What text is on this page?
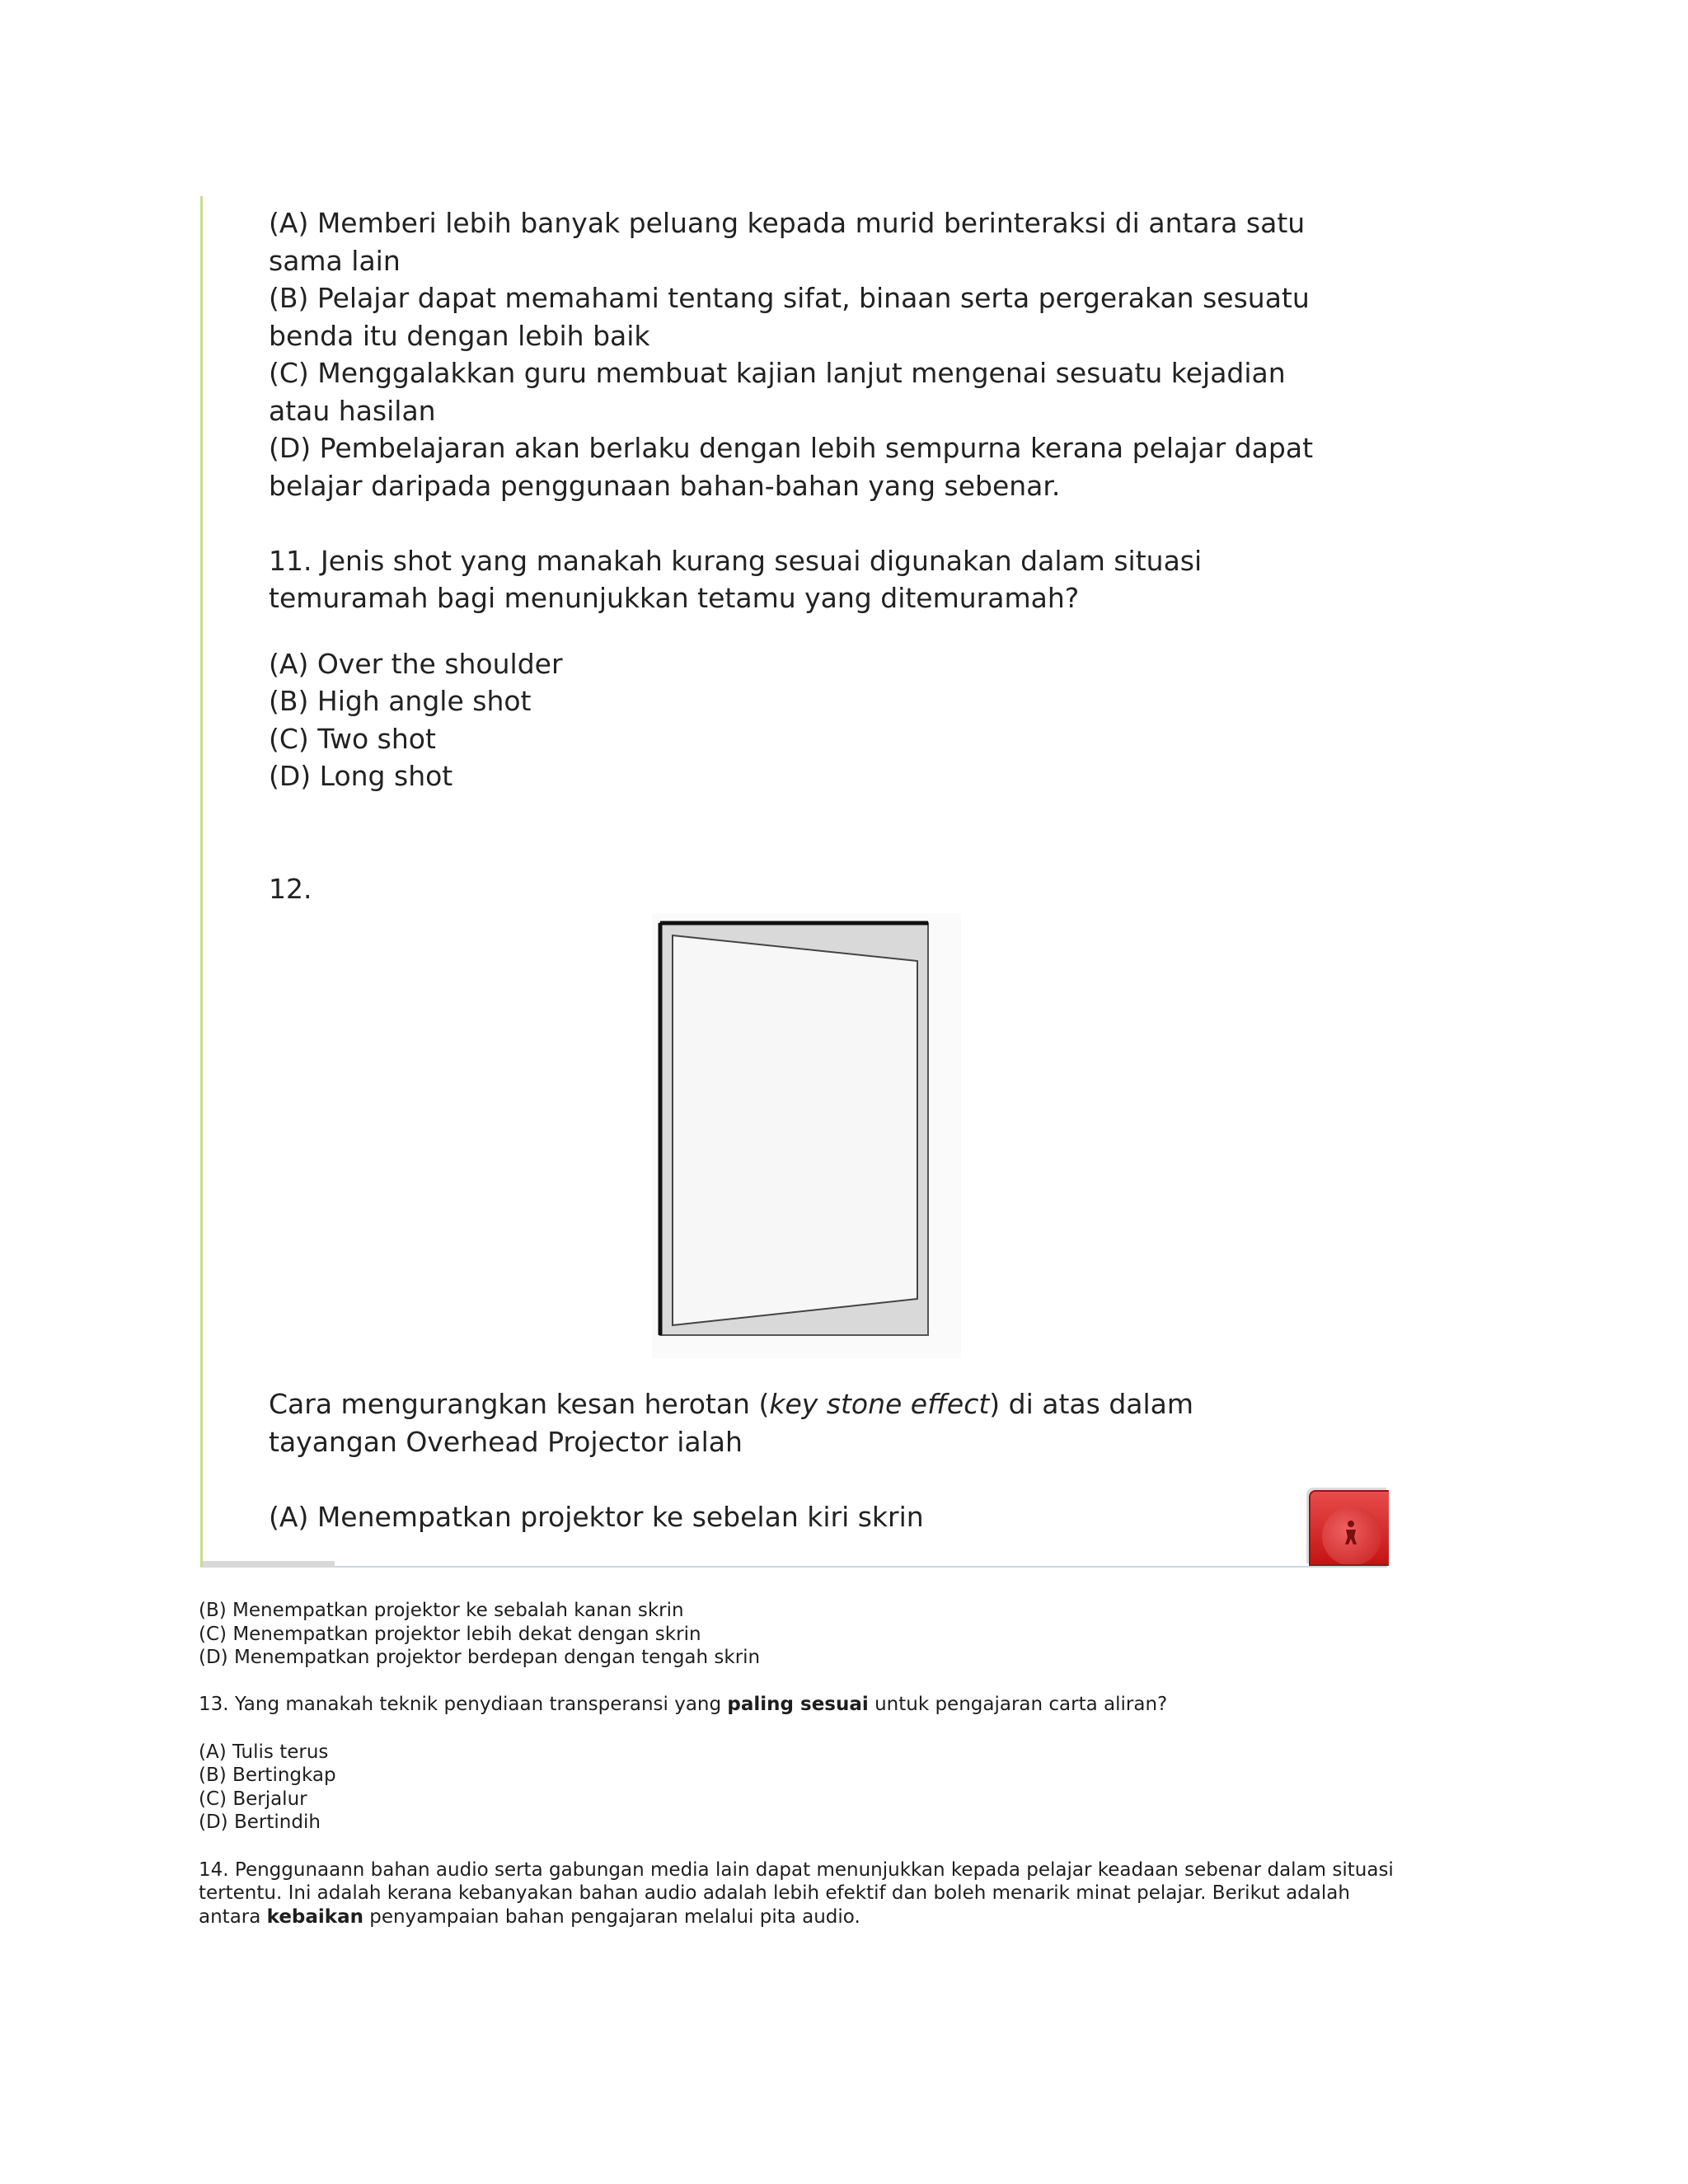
(A) Memberi lebih banyak peluang kepada murid berinteraksi di antara satu
sama lain
(B) Pelajar dapat memahami tentang sifat, binaan serta pergerakan sesuatu
benda itu dengan lebih baik
(C) Menggalakkan guru membuat kajian lanjut mengenai sesuatu kejadian
atau hasilan
(D) Pembelajaran akan berlaku dengan lebih sempurna kerana pelajar dapat
belajar daripada penggunaan bahan-bahan yang sebenar.
11. Jenis shot yang manakah kurang sesuai digunakan dalam situasi
temuramah bagi menunjukkan tetamu yang ditemuramah?
(A) Over the shoulder
(B) High angle shot
(C) Two shot
(D) Long shot
12.
Cara mengurangkan kesan herotan (key stone effect) di atas dalam
tayangan Overhead Projector ialah
(A) Menempatkan projektor ke sebelan kiri skrin
(B) Menempatkan projektor ke sebalah kanan skrin
(C) Menempatkan projektor lebih dekat dengan skrin
(D) Menempatkan projektor berdepan dengan tengah skrin
13. Yang manakah teknik penydiaan transperansi yang paling sesuai untuk pengajaran carta aliran?
(A) Tulis terus
(B) Bertingkap
(C) Berjalur
(D) Bertindih
14. Penggunaann bahan audio serta gabungan media lain dapat menunjukkan kepada pelajar keadaan sebenar dalam situasi
tertentu. Ini adalah kerana kebanyakan bahan audio adalah lebih efektif dan boleh menarik minat pelajar. Berikut adalah
antara kebaikan penyampaian bahan pengajaran melalui pita audio.
